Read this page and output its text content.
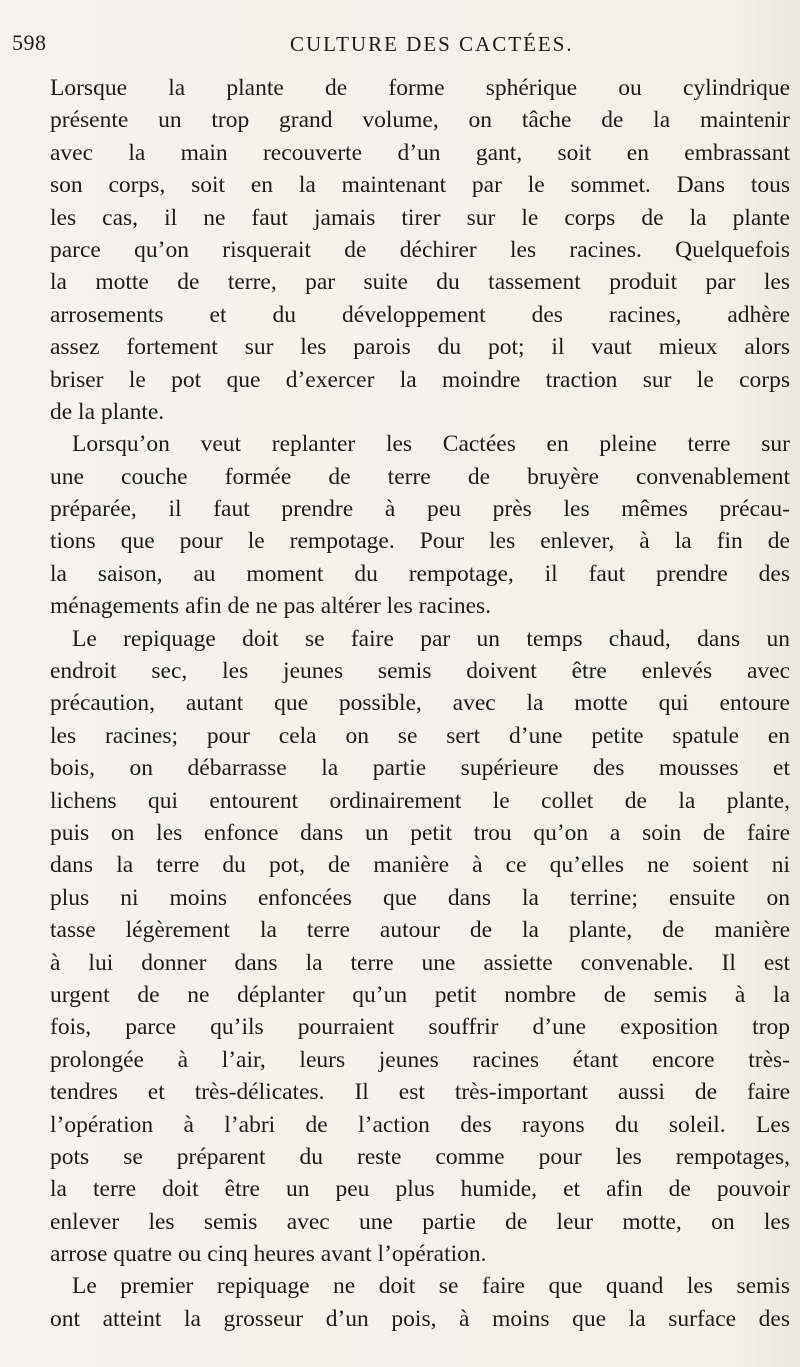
598	CULTURE DES CACTÉES.
Lorsque la plante de forme sphérique ou cylindrique
présente un trop grand volume, on tâche de la maintenir
avec la main recouverte d’un gant, soit en embrassant
son corps, soit en la maintenant par le sommet. Dans tous
les cas, il ne faut jamais tirer sur le corps de la plante
parce qu’on risquerait de déchirer les racines. Quelquefois
la motte de terre, par suite du tassement produit par les
arrosements et du développement des racines, adhère
assez fortement sur les parois du pot; il vaut mieux alors
briser le pot que d’exercer la moindre traction sur le corps
de la plante.
Lorsqu’on veut replanter les Cactées en pleine terre sur
une couche formée de terre de bruyère convenablement
préparée, il faut prendre à peu près les mêmes précau-
tions que pour le rempotage. Pour les enlever, à la fin de
la saison, au moment du rempotage, il faut prendre des
ménagements afin de ne pas altérer les racines.
Le repiquage doit se faire par un temps chaud, dans un
endroit sec, les jeunes semis doivent être enlevés avec
précaution, autant que possible, avec la motte qui entoure
les racines; pour cela on se sert d’une petite spatule en
bois, on débarrasse la partie supérieure des mousses et
lichens qui entourent ordinairement le collet de la plante,
puis on les enfonce dans un petit trou qu’on a soin de faire
dans la terre du pot, de manière à ce qu’elles ne soient ni
plus ni moins enfoncées que dans la terrine; ensuite on
tasse légèrement la terre autour de la plante, de manière
à lui donner dans la terre une assiette convenable. Il est
urgent de ne déplanter qu’un petit nombre de semis à la
fois, parce qu’ils pourraient souffrir d’une exposition trop
prolongée à l’air, leurs jeunes racines étant encore très-
tendres et très-délicates. Il est très-important aussi de faire
l’opération à l’abri de l’action des rayons du soleil. Les
pots se préparent du reste comme pour les rempotages,
la terre doit être un peu plus humide, et afin de pouvoir
enlever les semis avec une partie de leur motte, on les
arrose quatre ou cinq heures avant l’opération.
Le premier repiquage ne doit se faire que quand les semis
ont atteint la grosseur d’un pois, à moins que la surface des
